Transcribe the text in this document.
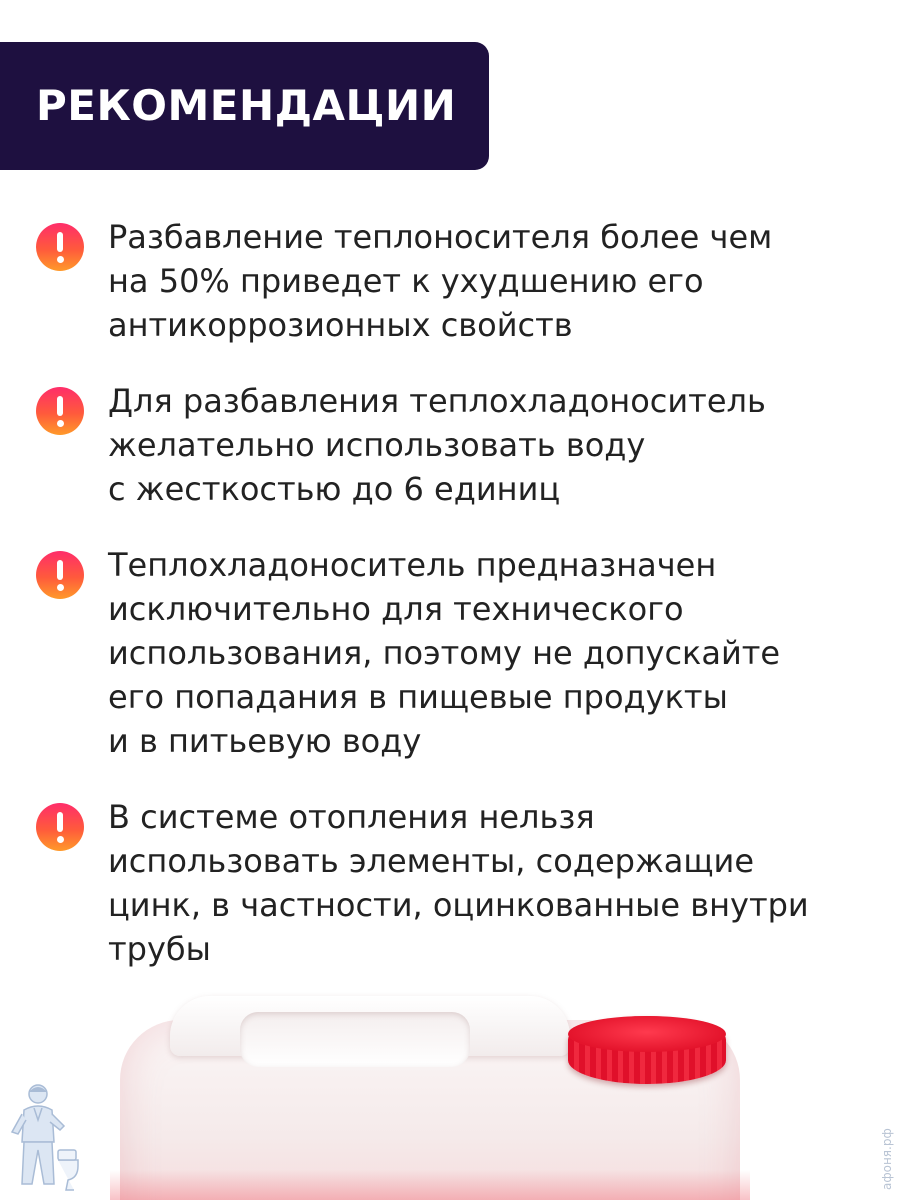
РЕКОМЕНДАЦИИ
Разбавление теплоносителя более чем
на 50% приведет к ухудшению его
антикоррозионных свойств
Для разбавления теплохладоноситель
желательно использовать воду
с жесткостью до 6 единиц
Теплохладоноситель предназначен
исключительно для технического
использования, поэтому не допускайте
его попадания в пищевые продукты
и в питьевую воду
В системе отопления нельзя
использовать элементы, содержащие
цинк, в частности, оцинкованные внутри
трубы
афоня.рф
